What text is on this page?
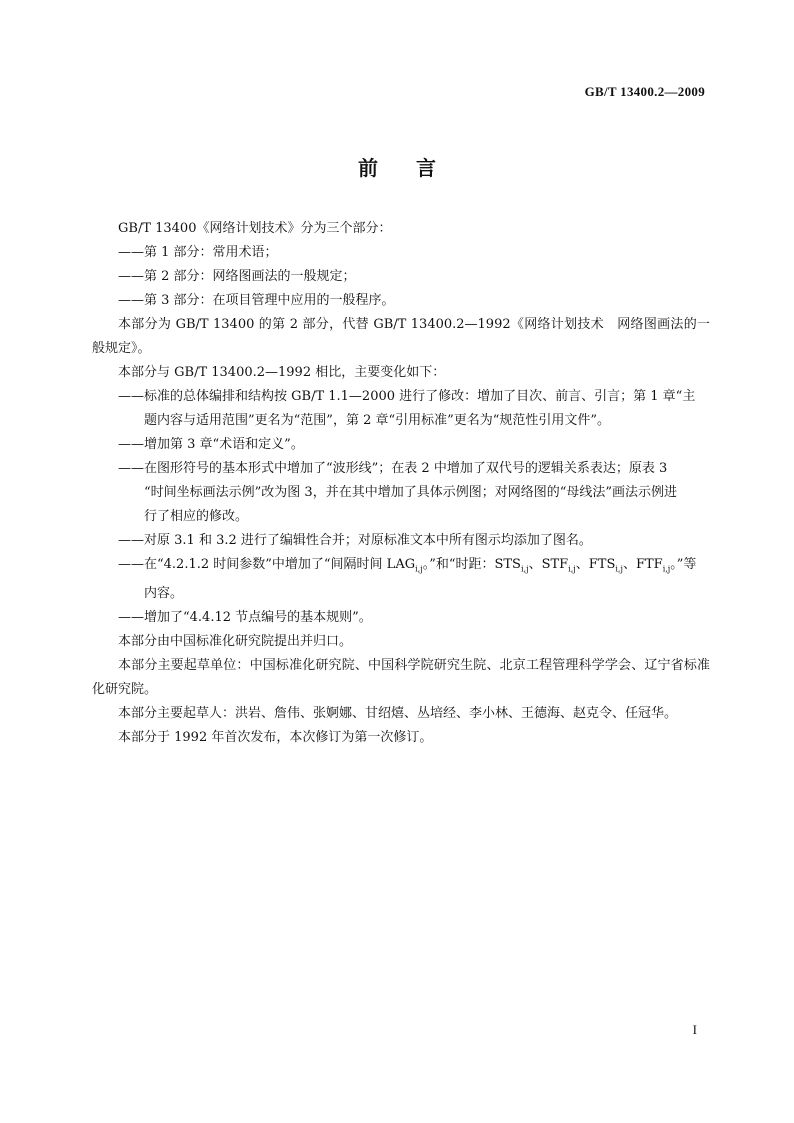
GB/T 13400.2—2009
前言

GB/T 13400《网络计划技术》分为三个部分：

——第 1 部分：常用术语；

——第 2 部分：网络图画法的一般规定；

——第 3 部分：在项目管理中应用的一般程序。

本部分为 GB/T 13400 的第 2 部分，代替 GB/T 13400.2—1992《网络计划技术　网络图画法的一般规定》。

本部分与 GB/T 13400.2—1992 相比，主要变化如下：

——标准的总体编排和结构按 GB/T 1.1—2000 进行了修改：增加了目次、前言、引言；第 1 章“主
题内容与适用范围”更名为“范围”，第 2 章“引用标准”更名为“规范性引用文件”。

——增加第 3 章“术语和定义”。

——在图形符号的基本形式中增加了“波形线”；在表 2 中增加了双代号的逻辑关系表达；原表 3
“时间坐标画法示例”改为图 3，并在其中增加了具体示例图；对网络图的“母线法”画法示例进
行了相应的修改。

——对原 3.1 和 3.2 进行了编辑性合并；对原标准文本中所有图示均添加了图名。

——在“4.2.1.2 时间参数”中增加了“间隔时间 $LAG_{i,j}$。”和“时距：$STS_{i,j}$、$STF_{i,j}$、$FTS_{i,j}$、$FTF_{i,j}$。”等
内容。

——增加了“4.4.12 节点编号的基本规则”。

本部分由中国标准化研究院提出并归口。

本部分主要起草单位：中国标准化研究院、中国科学院研究生院、北京工程管理科学学会、辽宁省标准化研究院。

本部分主要起草人：洪岩、詹伟、张婀娜、甘绍熺、丛培经、李小林、王德海、赵克令、任冠华。

本部分于 1992 年首次发布，本次修订为第一次修订。

I
